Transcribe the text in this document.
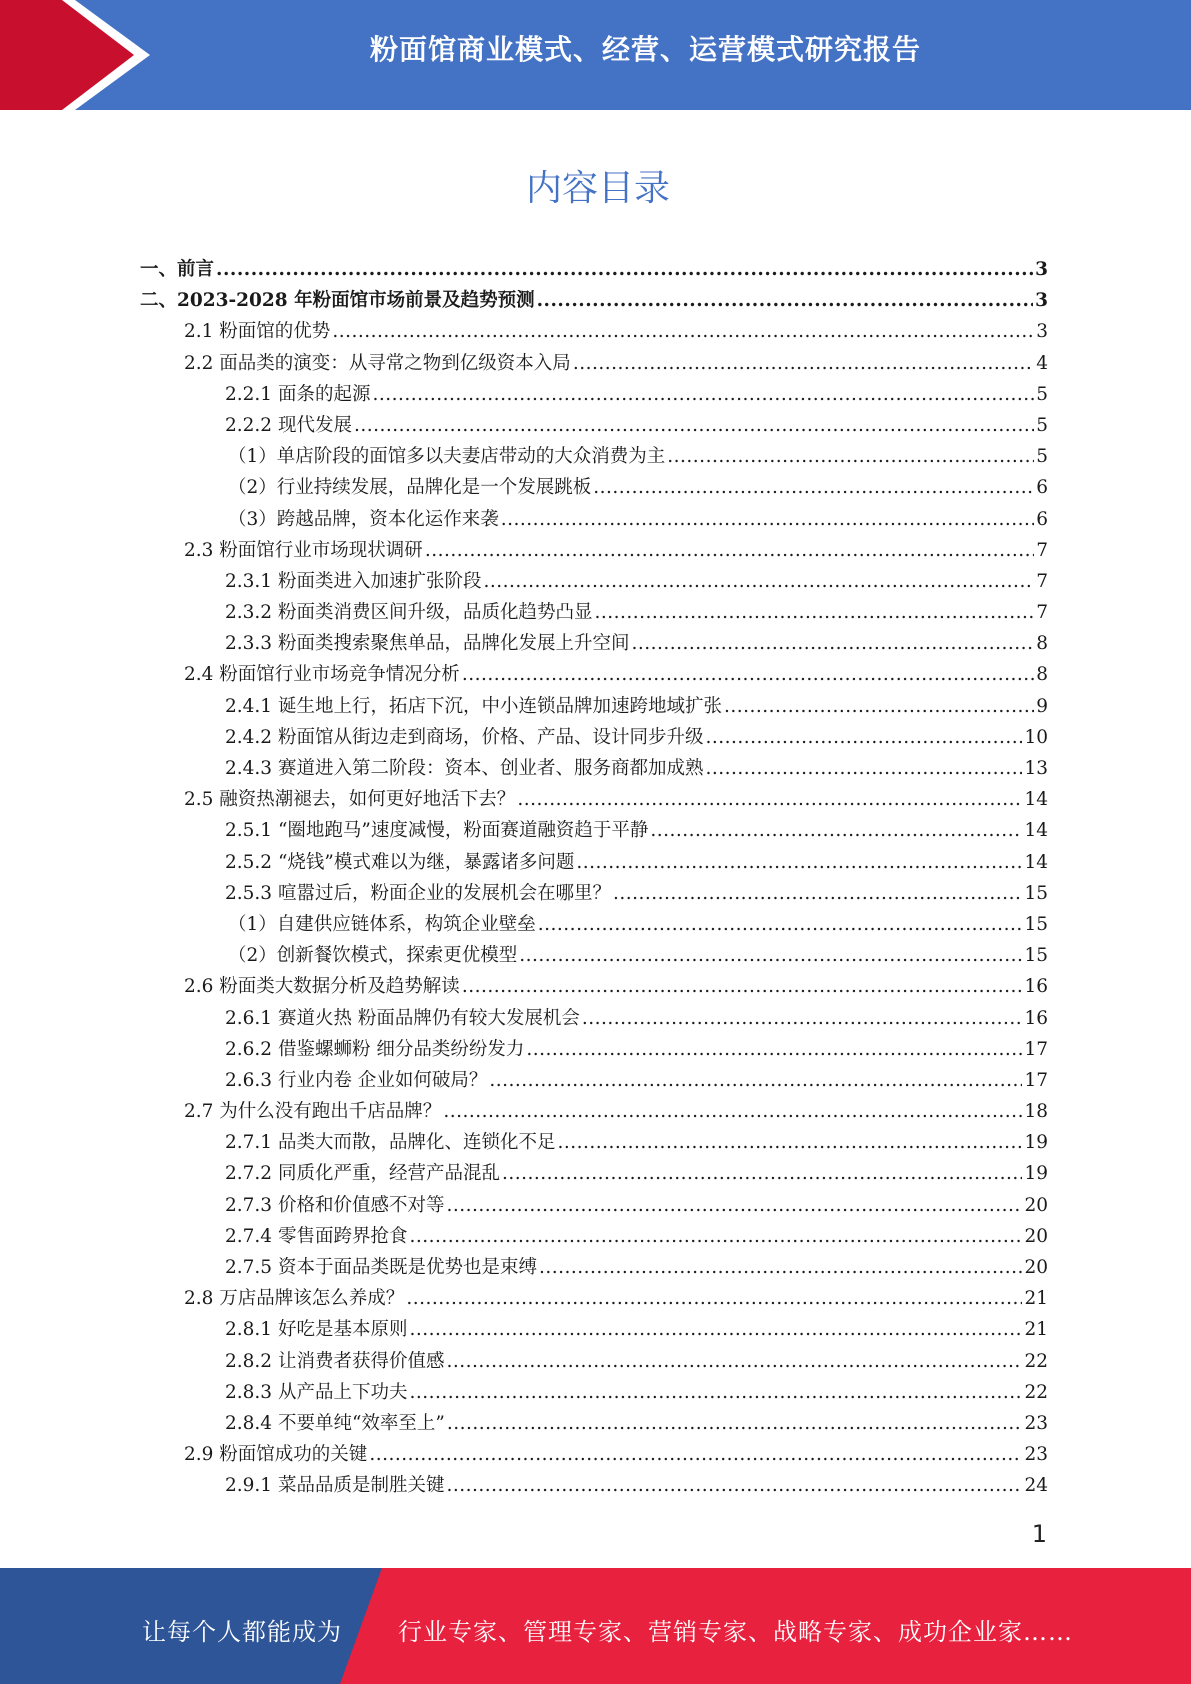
粉面馆商业模式、经营、运营模式研究报告
内容目录
一、前言 .....	3
二、2023-2028 年粉面馆市场前景及趋势预测 .....	3
2.1 粉面馆的优势 .....	3
2.2 面品类的演变：从寻常之物到亿级资本入局 .....	4
2.2.1 面条的起源 .....	5
2.2.2 现代发展 .....	5
（1）单店阶段的面馆多以夫妻店带动的大众消费为主 .....	5
（2）行业持续发展，品牌化是一个发展跳板 .....	6
（3）跨越品牌，资本化运作来袭 .....	6
2.3 粉面馆行业市场现状调研 .....	7
2.3.1 粉面类进入加速扩张阶段 .....	7
2.3.2 粉面类消费区间升级，品质化趋势凸显 .....	7
2.3.3 粉面类搜索聚焦单品，品牌化发展上升空间 .....	8
2.4 粉面馆行业市场竞争情况分析 .....	8
2.4.1 诞生地上行，拓店下沉，中小连锁品牌加速跨地域扩张 .....	9
2.4.2 粉面馆从街边走到商场，价格、产品、设计同步升级 .....	10
2.4.3 赛道进入第二阶段：资本、创业者、服务商都加成熟 .....	13
2.5 融资热潮褪去，如何更好地活下去？ .....	14
2.5.1 “圈地跑马”速度减慢，粉面赛道融资趋于平静 .....	14
2.5.2 “烧钱”模式难以为继，暴露诸多问题 .....	14
2.5.3 喧嚣过后，粉面企业的发展机会在哪里？ .....	15
（1）自建供应链体系，构筑企业壁垒 .....	15
（2）创新餐饮模式，探索更优模型 .....	15
2.6 粉面类大数据分析及趋势解读 .....	16
2.6.1 赛道火热 粉面品牌仍有较大发展机会 .....	16
2.6.2 借鉴螺蛳粉 细分品类纷纷发力 .....	17
2.6.3 行业内卷 企业如何破局？ .....	17
2.7 为什么没有跑出千店品牌？ .....	18
2.7.1 品类大而散，品牌化、连锁化不足 .....	19
2.7.2 同质化严重，经营产品混乱 .....	19
2.7.3 价格和价值感不对等 .....	20
2.7.4 零售面跨界抢食 .....	20
2.7.5 资本于面品类既是优势也是束缚 .....	20
2.8 万店品牌该怎么养成？ .....	21
2.8.1 好吃是基本原则 .....	21
2.8.2 让消费者获得价值感 .....	22
2.8.3 从产品上下功夫 .....	22
2.8.4 不要单纯“效率至上” .....	23
2.9 粉面馆成功的关键 .....	23
2.9.1 菜品品质是制胜关键 .....	24
1
让每个人都能成为 行业专家、管理专家、营销专家、战略专家、成功企业家……
